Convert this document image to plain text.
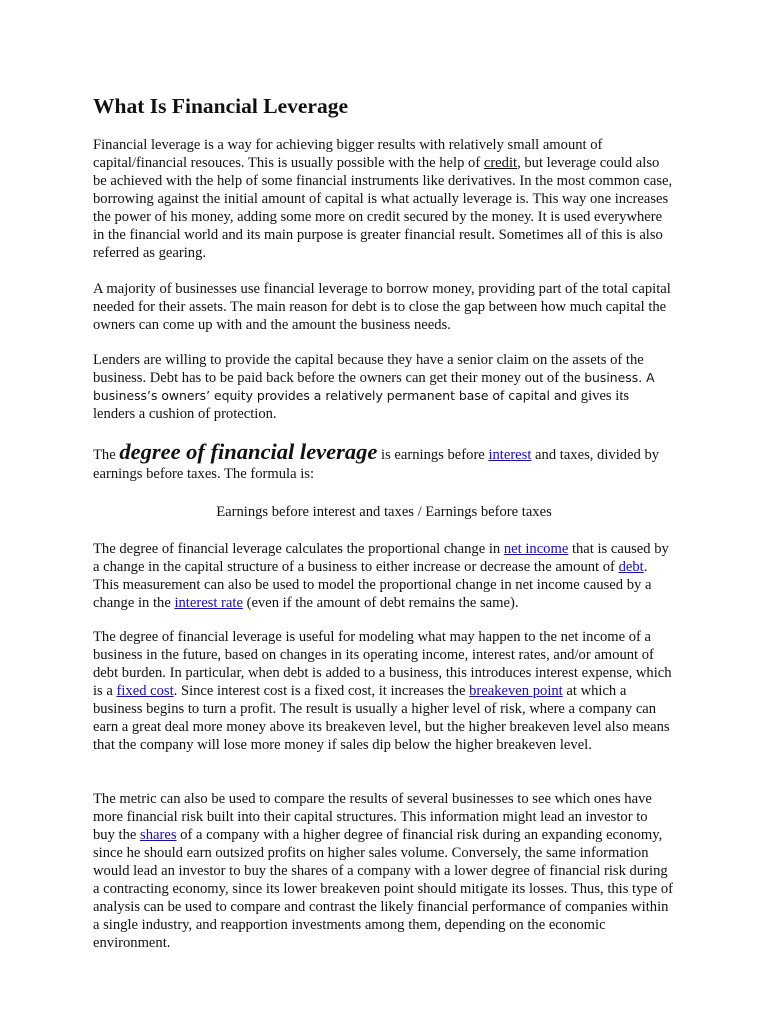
What Is Financial Leverage

Financial leverage is a way for achieving bigger results with relatively small amount of capital/financial resouces. This is usually possible with the help of credit, but leverage could also be achieved with the help of some financial instruments like derivatives. In the most common case, borrowing against the initial amount of capital is what actually leverage is. This way one increases the power of his money, adding some more on credit secured by the money. It is used everywhere in the financial world and its main purpose is greater financial result. Sometimes all of this is also referred as gearing.

A majority of businesses use financial leverage to borrow money, providing part of the total capital needed for their assets. The main reason for debt is to close the gap between how much capital the owners can come up with and the amount the business needs.

Lenders are willing to provide the capital because they have a senior claim on the assets of the business. Debt has to be paid back before the owners can get their money out of the business. A business’s owners’ equity provides a relatively permanent base of capital and gives its lenders a cushion of protection.

The degree of financial leverage is earnings before interest and taxes, divided by earnings before taxes. The formula is:

Earnings before interest and taxes / Earnings before taxes

The degree of financial leverage calculates the proportional change in net income that is caused by a change in the capital structure of a business to either increase or decrease the amount of debt. This measurement can also be used to model the proportional change in net income caused by a change in the interest rate (even if the amount of debt remains the same).

The degree of financial leverage is useful for modeling what may happen to the net income of a business in the future, based on changes in its operating income, interest rates, and/or amount of debt burden. In particular, when debt is added to a business, this introduces interest expense, which is a fixed cost. Since interest cost is a fixed cost, it increases the breakeven point at which a business begins to turn a profit. The result is usually a higher level of risk, where a company can earn a great deal more money above its breakeven level, but the higher breakeven level also means that the company will lose more money if sales dip below the higher breakeven level.

The metric can also be used to compare the results of several businesses to see which ones have more financial risk built into their capital structures. This information might lead an investor to buy the shares of a company with a higher degree of financial risk during an expanding economy, since he should earn outsized profits on higher sales volume. Conversely, the same information would lead an investor to buy the shares of a company with a lower degree of financial risk during a contracting economy, since its lower breakeven point should mitigate its losses. Thus, this type of analysis can be used to compare and contrast the likely financial performance of companies within a single industry, and reapportion investments among them, depending on the economic environment.
